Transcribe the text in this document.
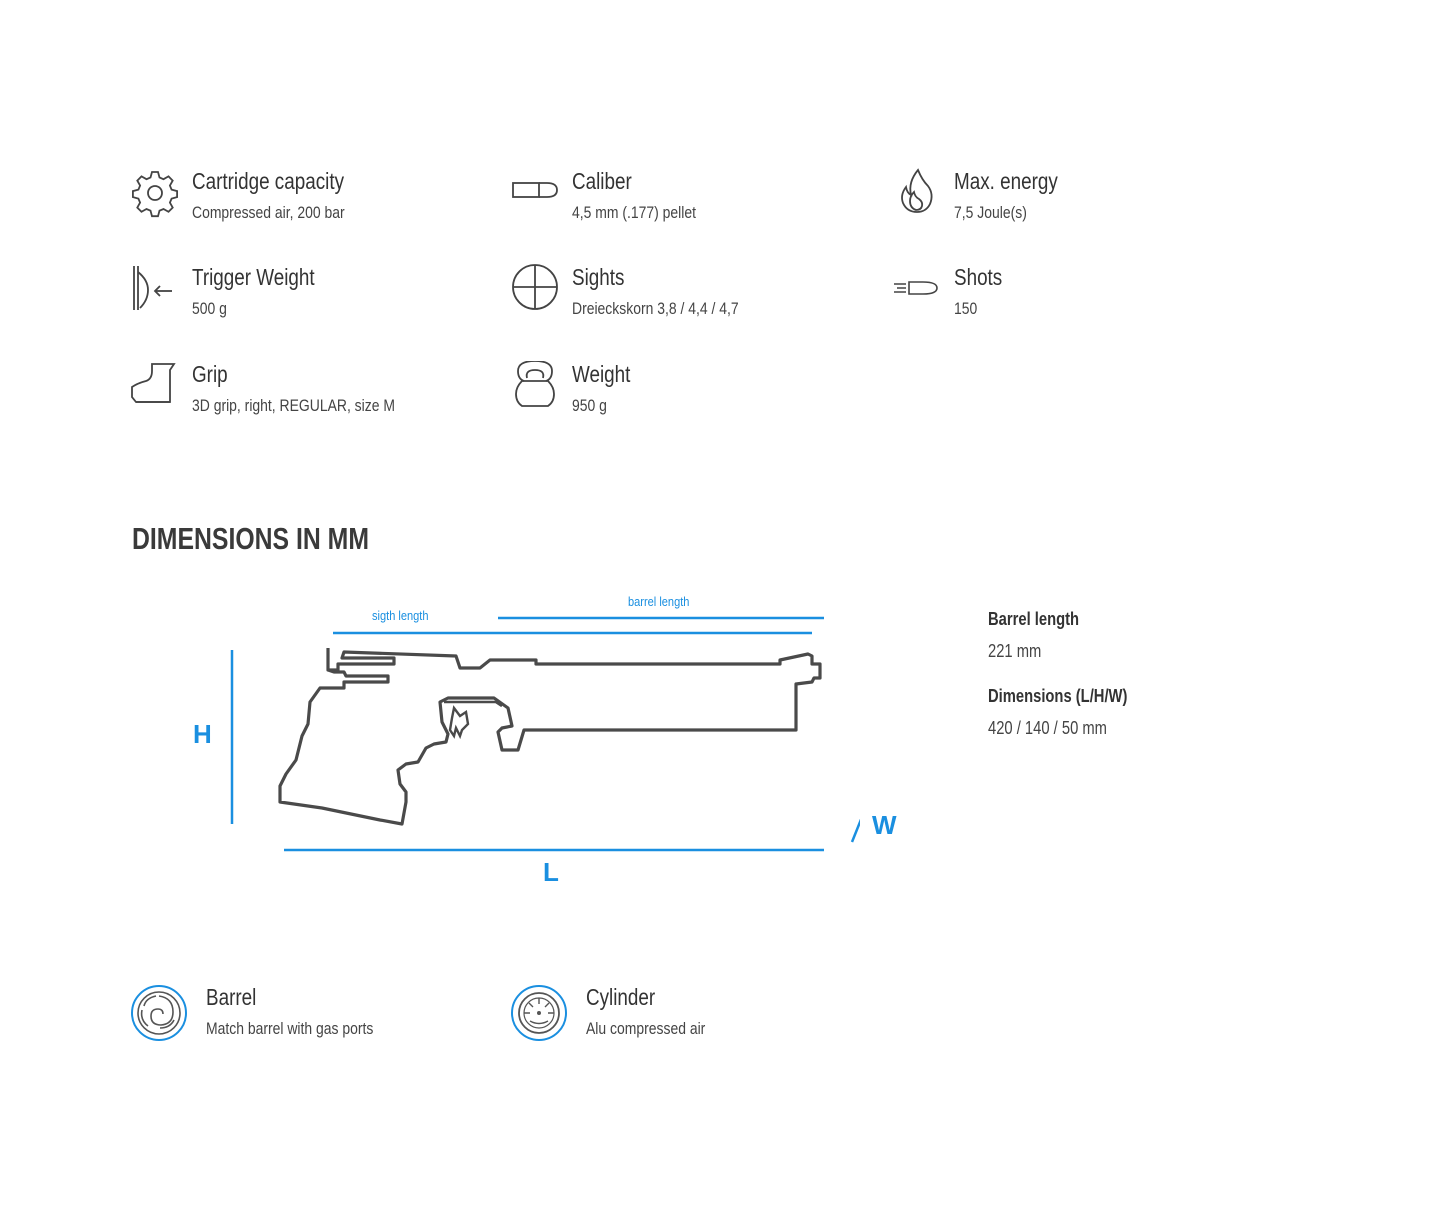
Cartridge capacity
Compressed air, 200 bar
Caliber
4,5 mm (.177) pellet
Max. energy
7,5 Joule(s)
Trigger Weight
500 g
Sights
Dreieckskorn 3,8 / 4,4 / 4,7
Shots
150
Grip
3D grip, right, REGULAR, size M
Weight
950 g
DIMENSIONS IN MM
sigth length
barrel length
H
L
W
Barrel length
221 mm
Dimensions (L/H/W)
420 / 140 / 50 mm
Barrel
Match barrel with gas ports
Cylinder
Alu compressed air
